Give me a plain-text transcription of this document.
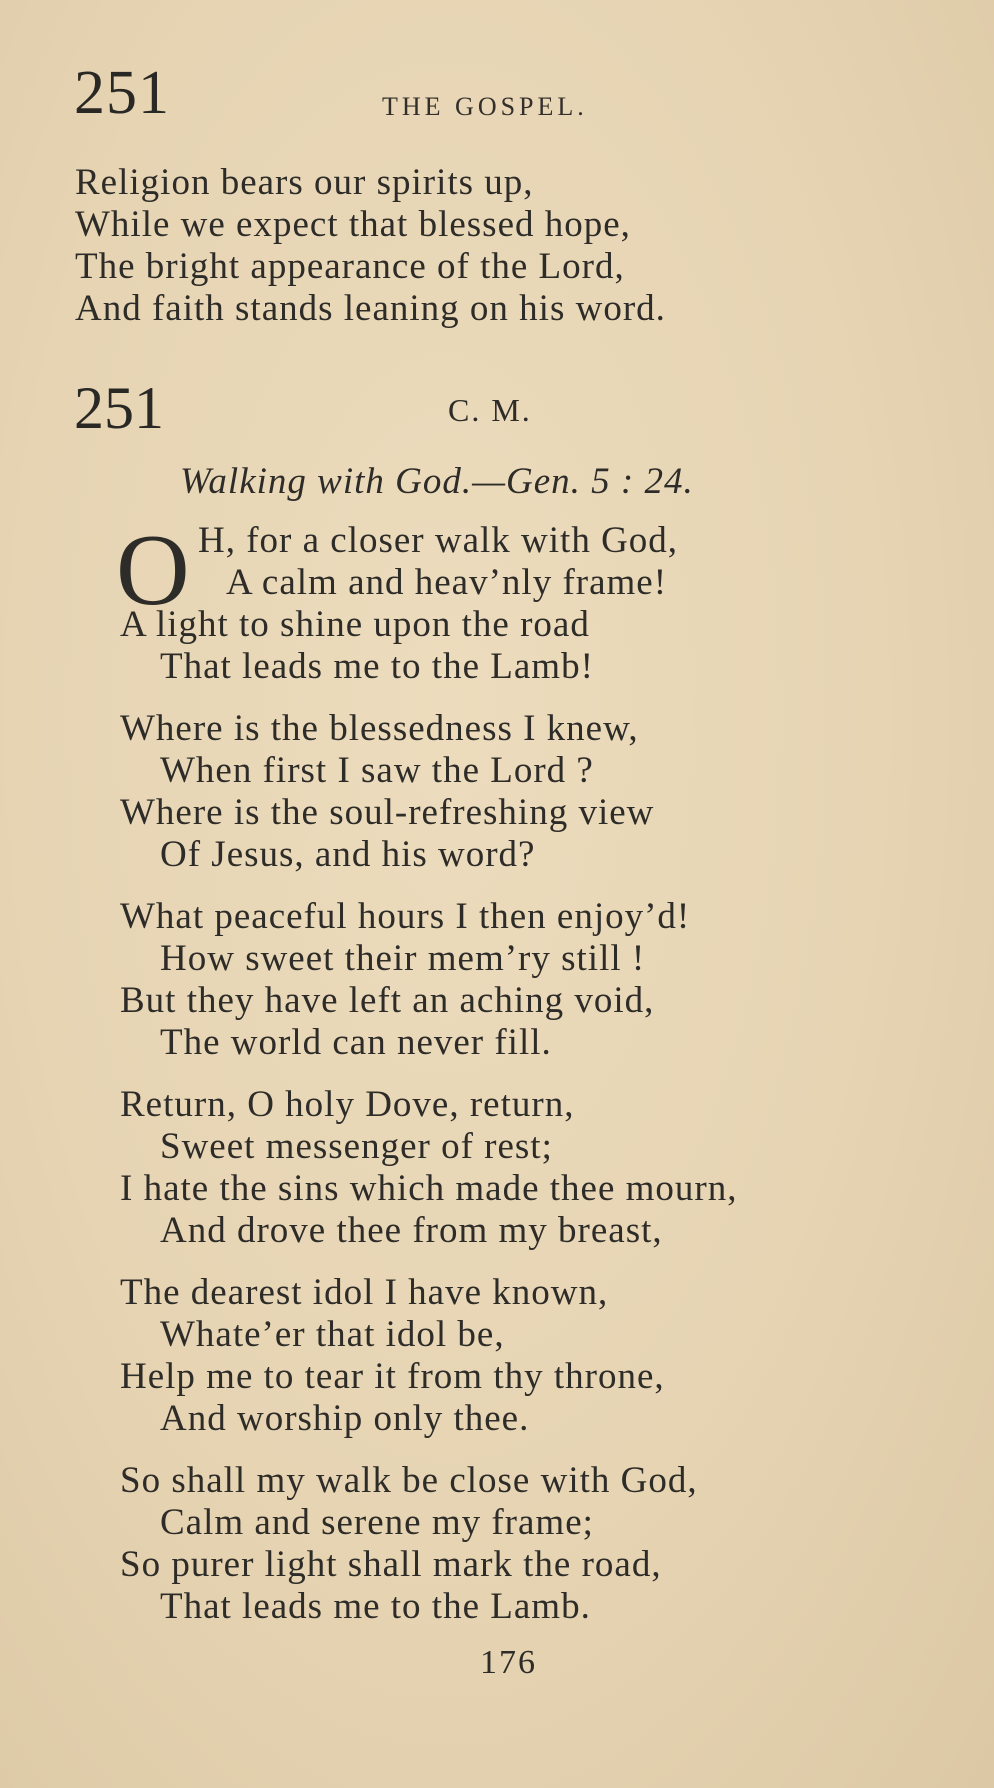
251	THE GOSPEL.
Religion bears our spirits up,
While we expect that blessed hope,
The bright appearance of the Lord,
And faith stands leaning on his word.
251	C. M.
Walking with God.—Gen. 5 : 24.
O H, for a closer walk with God,
A calm and heav’nly frame!
A light to shine upon the road
That leads me to the Lamb!
Where is the blessedness I knew,
When first I saw the Lord ?
Where is the soul-refreshing view
Of Jesus, and his word?
What peaceful hours I then enjoy’d!
How sweet their mem’ry still !
But they have left an aching void,
The world can never fill.
Return, O holy Dove, return,
Sweet messenger of rest;
I hate the sins which made thee mourn,
And drove thee from my breast,
The dearest idol I have known,
Whate’er that idol be,
Help me to tear it from thy throne,
And worship only thee.
So shall my walk be close with God,
Calm and serene my frame;
So purer light shall mark the road,
That leads me to the Lamb.
176
